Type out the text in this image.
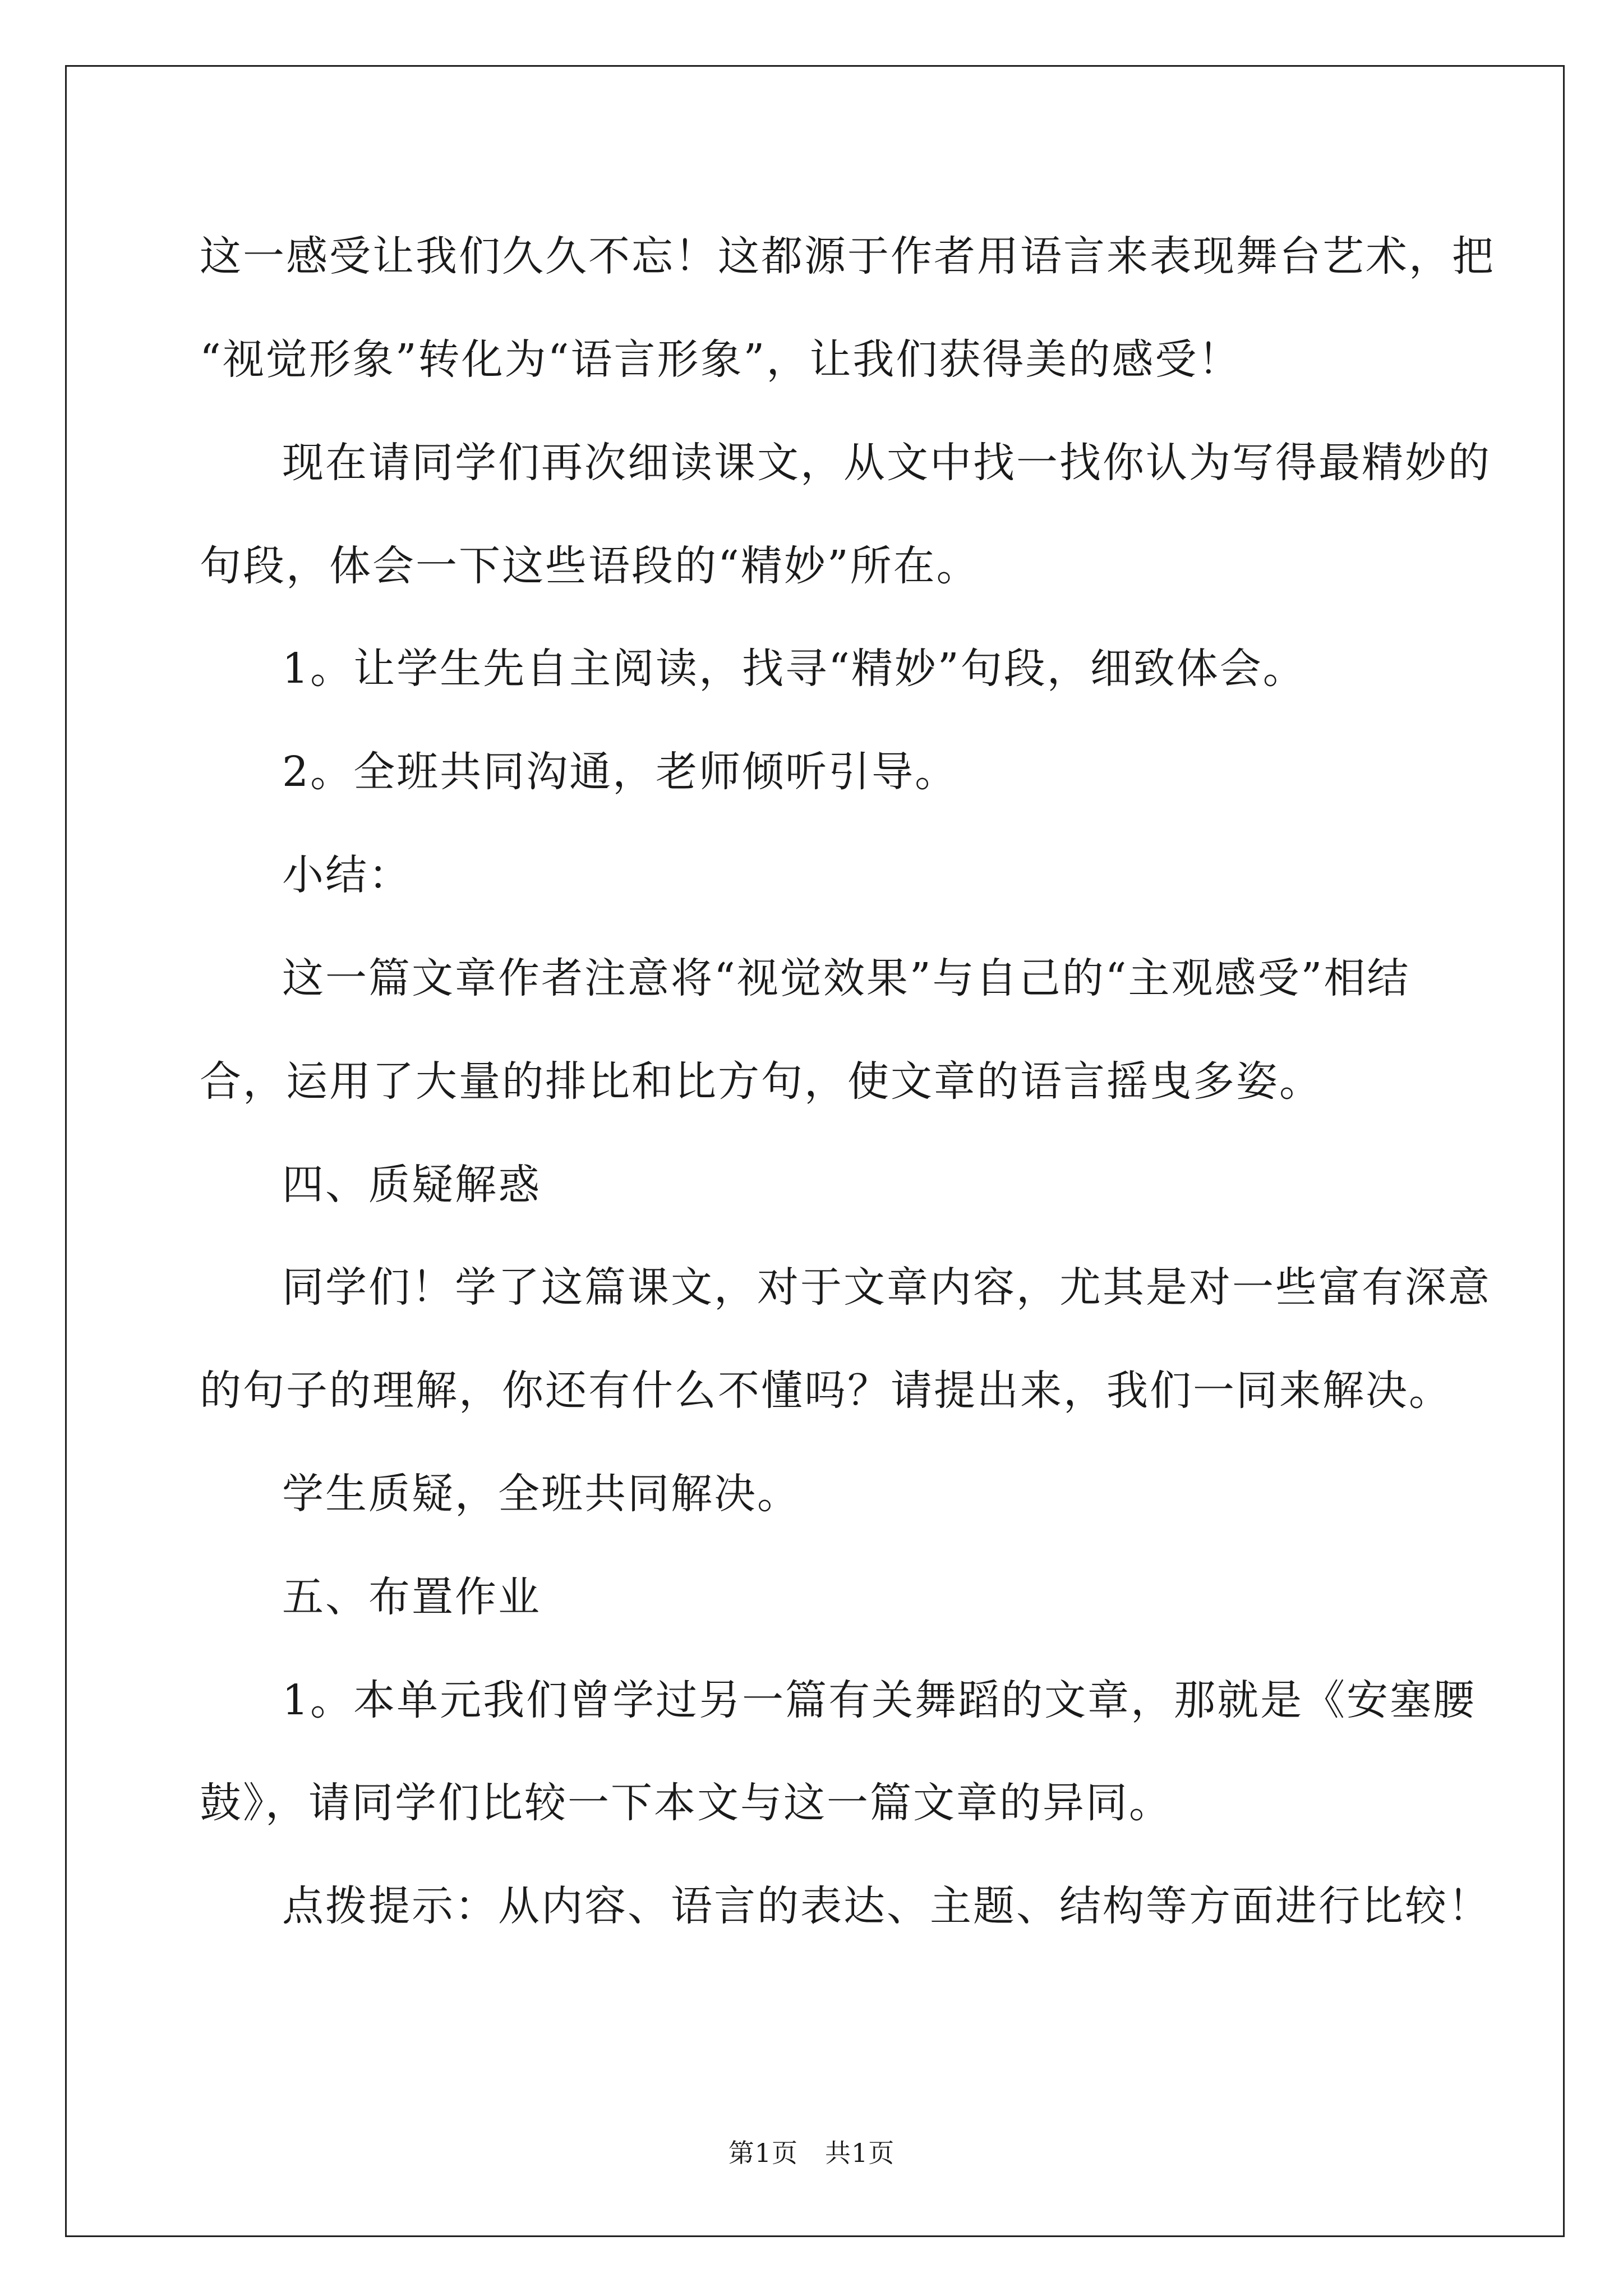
这一感受让我们久久不忘！这都源于作者用语言来表现舞台艺术，把
“视觉形象”转化为“语言形象”，让我们获得美的感受！
现在请同学们再次细读课文，从文中找一找你认为写得最精妙的
句段，体会一下这些语段的“精妙”所在。
1。让学生先自主阅读，找寻“精妙”句段，细致体会。
2。全班共同沟通，老师倾听引导。
小结：
这一篇文章作者注意将“视觉效果”与自己的“主观感受”相结
合，运用了大量的排比和比方句，使文章的语言摇曳多姿。
四、质疑解惑
同学们！学了这篇课文，对于文章内容，尤其是对一些富有深意
的句子的理解，你还有什么不懂吗？请提出来，我们一同来解决。
学生质疑，全班共同解决。
五、布置作业
1。本单元我们曾学过另一篇有关舞蹈的文章，那就是《安塞腰
鼓》，请同学们比较一下本文与这一篇文章的异同。
点拨提示：从内容、语言的表达、主题、结构等方面进行比较！
第1页 共1页
